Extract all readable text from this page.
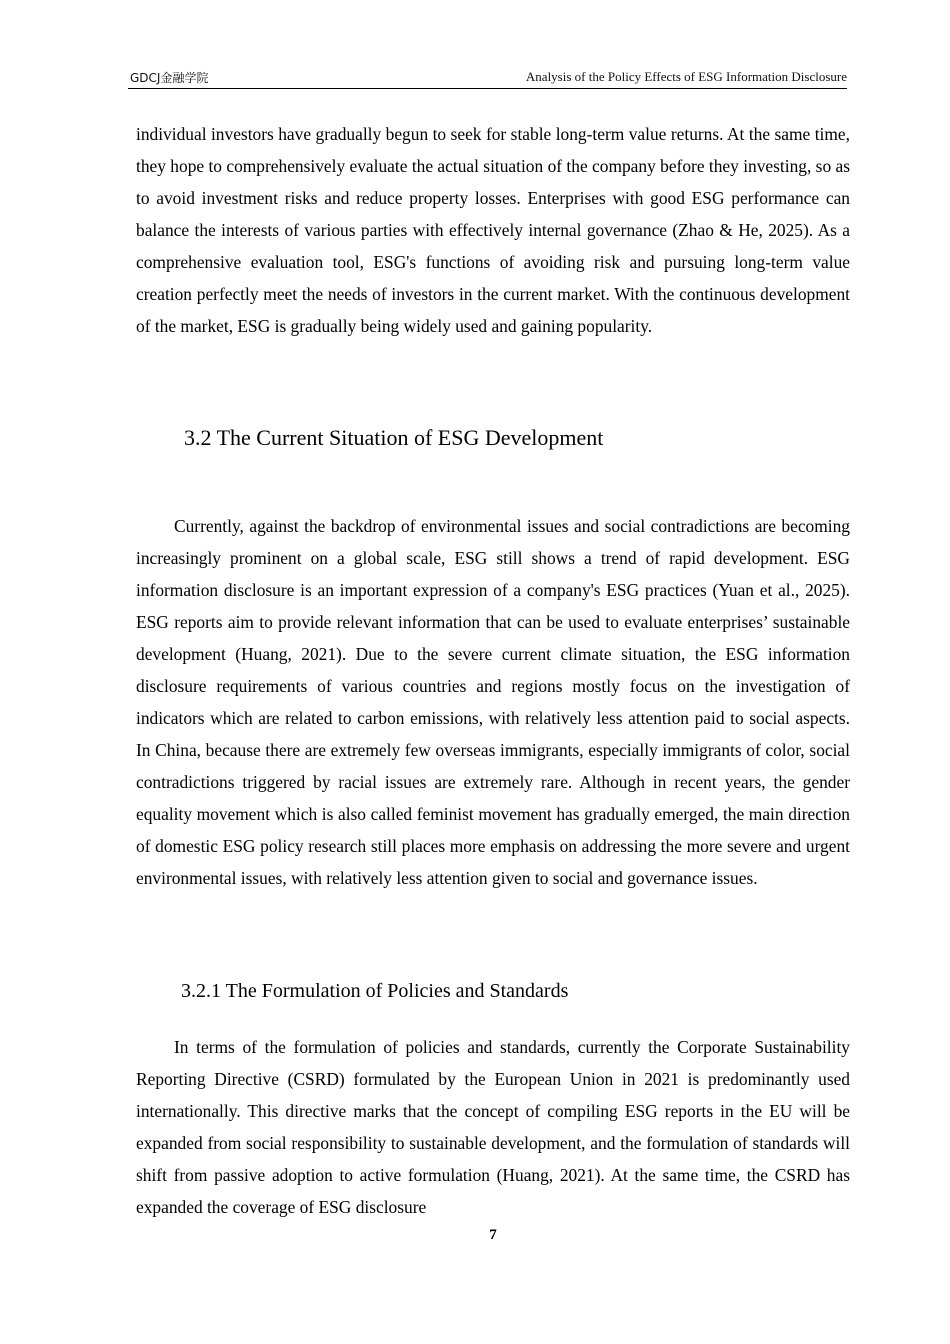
GDCJ金融学院	Analysis of the Policy Effects of ESG Information Disclosure

individual investors have gradually begun to seek for stable long-term value returns. At the same time, they hope to comprehensively evaluate the actual situation of the company before they investing, so as to avoid investment risks and reduce property losses. Enterprises with good ESG performance can balance the interests of various parties with effectively internal governance (Zhao & He, 2025). As a comprehensive evaluation tool, ESG's functions of avoiding risk and pursuing long-term value creation perfectly meet the needs of investors in the current market. With the continuous development of the market, ESG is gradually being widely used and gaining popularity.

3.2 The Current Situation of ESG Development

Currently, against the backdrop of environmental issues and social contradictions are becoming increasingly prominent on a global scale, ESG still shows a trend of rapid development. ESG information disclosure is an important expression of a company's ESG practices (Yuan et al., 2025). ESG reports aim to provide relevant information that can be used to evaluate enterprises’ sustainable development (Huang, 2021). Due to the severe current climate situation, the ESG information disclosure requirements of various countries and regions mostly focus on the investigation of indicators which are related to carbon emissions, with relatively less attention paid to social aspects. In China, because there are extremely few overseas immigrants, especially immigrants of color, social contradictions triggered by racial issues are extremely rare. Although in recent years, the gender equality movement which is also called feminist movement has gradually emerged, the main direction of domestic ESG policy research still places more emphasis on addressing the more severe and urgent environmental issues, with relatively less attention given to social and governance issues.

3.2.1 The Formulation of Policies and Standards

In terms of the formulation of policies and standards, currently the Corporate Sustainability Reporting Directive (CSRD) formulated by the European Union in 2021 is predominantly used internationally. This directive marks that the concept of compiling ESG reports in the EU will be expanded from social responsibility to sustainable development, and the formulation of standards will shift from passive adoption to active formulation (Huang, 2021). At the same time, the CSRD has expanded the coverage of ESG disclosure

7
